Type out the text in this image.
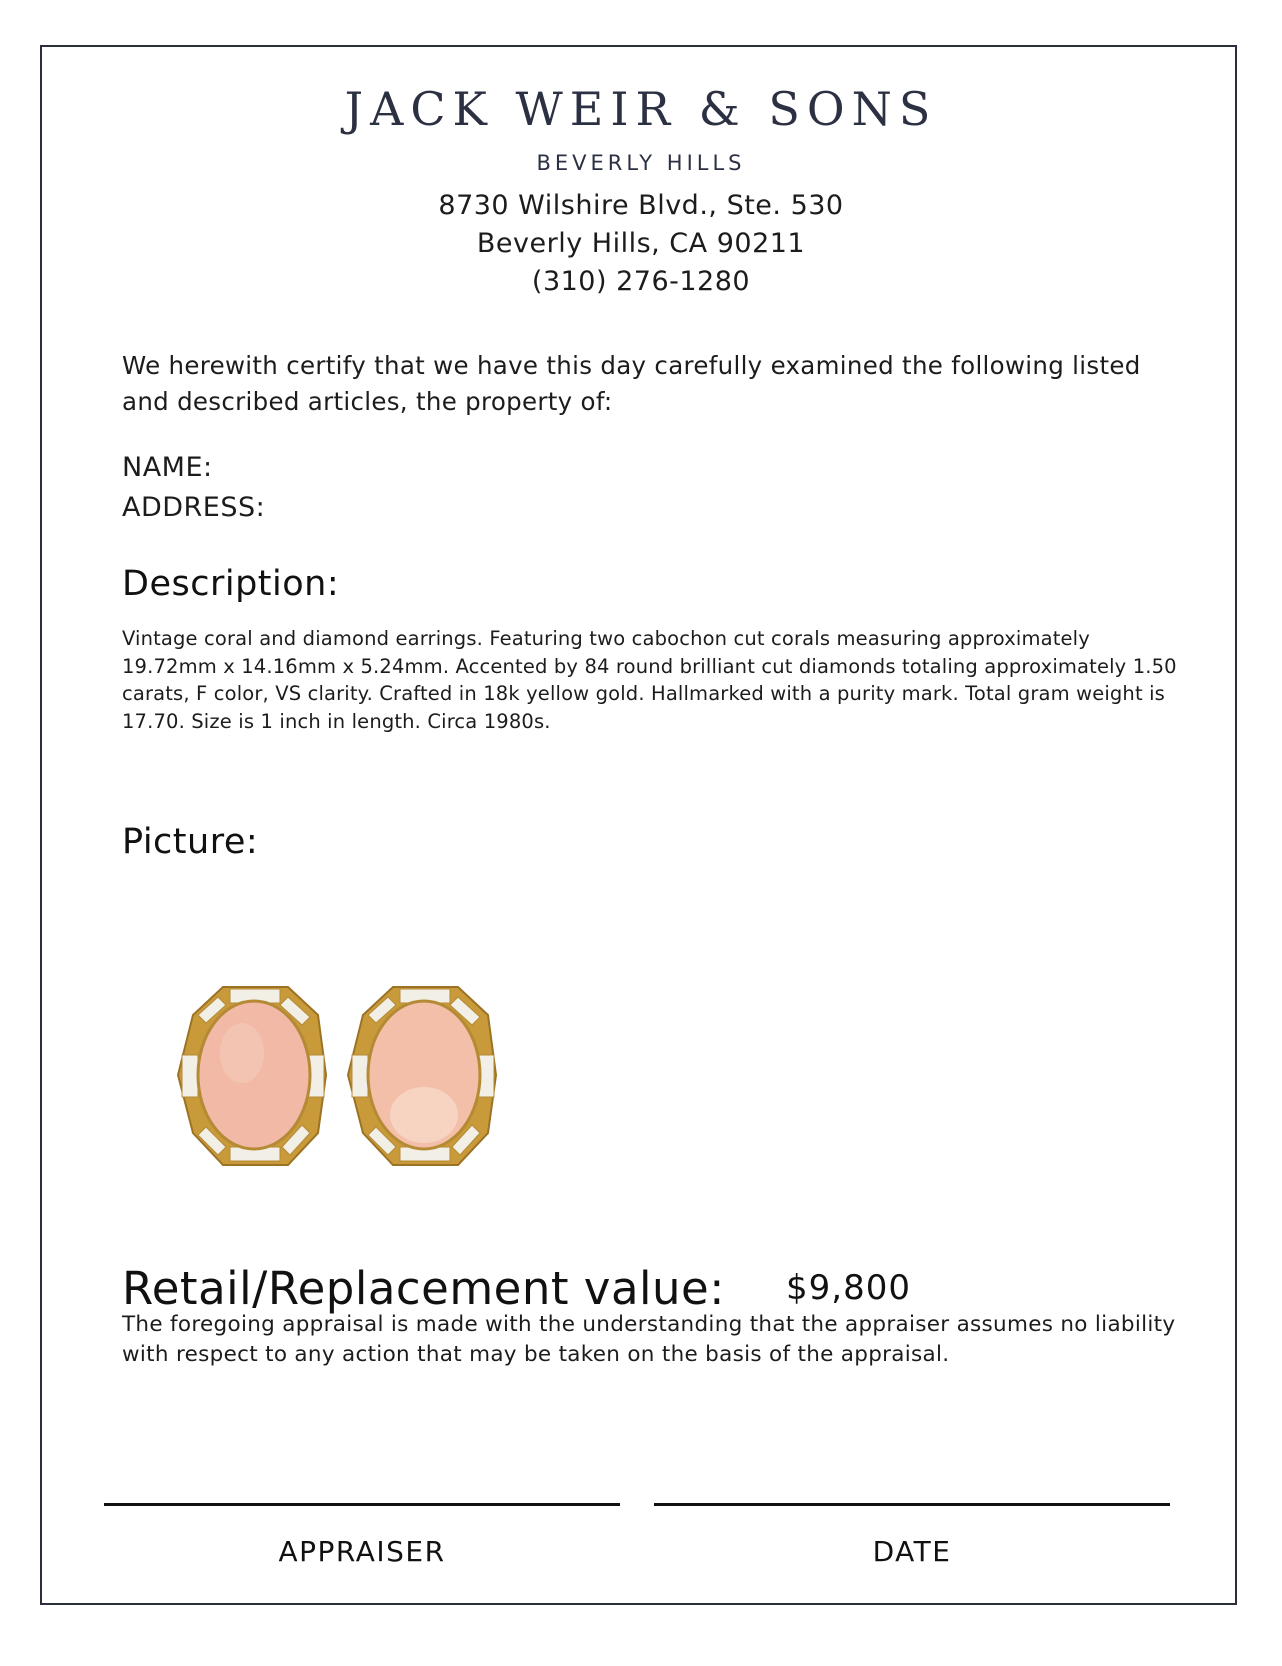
JACK WEIR & SONS
BEVERLY HILLS
8730 Wilshire Blvd., Ste. 530
Beverly Hills, CA 90211
(310) 276-1280
We herewith certify that we have this day carefully examined the following listed and described articles, the property of:
NAME:
ADDRESS:
Description:
Vintage coral and diamond earrings. Featuring two cabochon cut corals measuring approximately 19.72mm x 14.16mm x 5.24mm. Accented by 84 round brilliant cut diamonds totaling approximately 1.50 carats, F color, VS clarity. Crafted in 18k yellow gold. Hallmarked with a purity mark. Total gram weight is 17.70. Size is 1 inch in length. Circa 1980s.
Picture:
Retail/Replacement value: $9,800
The foregoing appraisal is made with the understanding that the appraiser assumes no liability with respect to any action that may be taken on the basis of the appraisal.
APPRAISER	DATE
